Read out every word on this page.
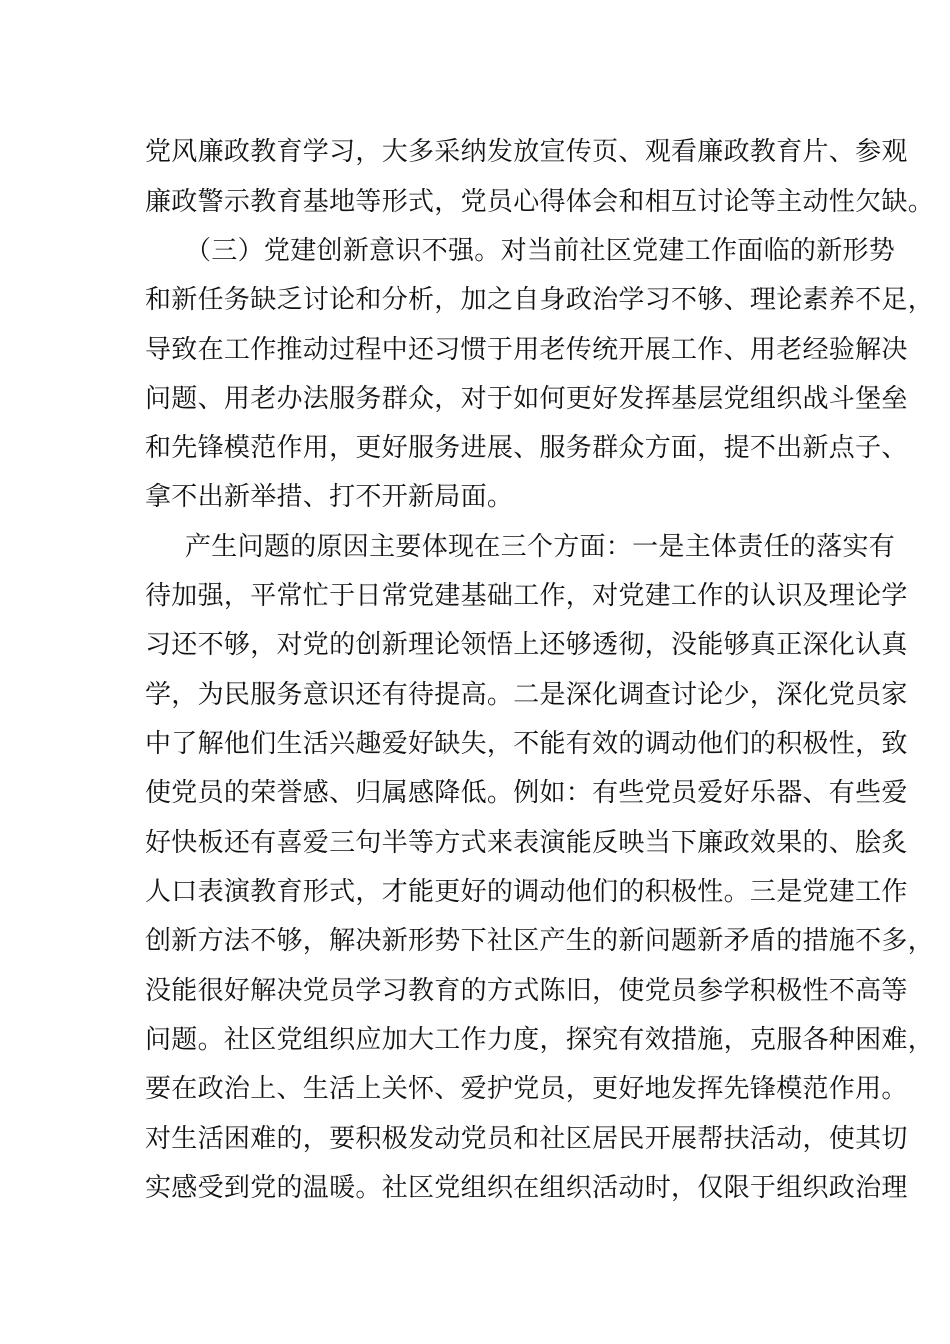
党风廉政教育学习，大多采纳发放宣传页、观看廉政教育片、参观
廉政警示教育基地等形式，党员心得体会和相互讨论等主动性欠缺。
（三）党建创新意识不强。对当前社区党建工作面临的新形势
和新任务缺乏讨论和分析，加之自身政治学习不够、理论素养不足，
导致在工作推动过程中还习惯于用老传统开展工作、用老经验解决
问题、用老办法服务群众，对于如何更好发挥基层党组织战斗堡垒
和先锋模范作用，更好服务进展、服务群众方面，提不出新点子、
拿不出新举措、打不开新局面。
产生问题的原因主要体现在三个方面：一是主体责任的落实有
待加强，平常忙于日常党建基础工作，对党建工作的认识及理论学
习还不够，对党的创新理论领悟上还够透彻，没能够真正深化认真
学，为民服务意识还有待提高。二是深化调查讨论少，深化党员家
中了解他们生活兴趣爱好缺失，不能有效的调动他们的积极性，致
使党员的荣誉感、归属感降低。例如：有些党员爱好乐器、有些爱
好快板还有喜爱三句半等方式来表演能反映当下廉政效果的、脍炙
人口表演教育形式，才能更好的调动他们的积极性。三是党建工作
创新方法不够，解决新形势下社区产生的新问题新矛盾的措施不多，
没能很好解决党员学习教育的方式陈旧，使党员参学积极性不高等
问题。社区党组织应加大工作力度，探究有效措施，克服各种困难，
要在政治上、生活上关怀、爱护党员，更好地发挥先锋模范作用。
对生活困难的，要积极发动党员和社区居民开展帮扶活动，使其切
实感受到党的温暖。社区党组织在组织活动时，仅限于组织政治理
